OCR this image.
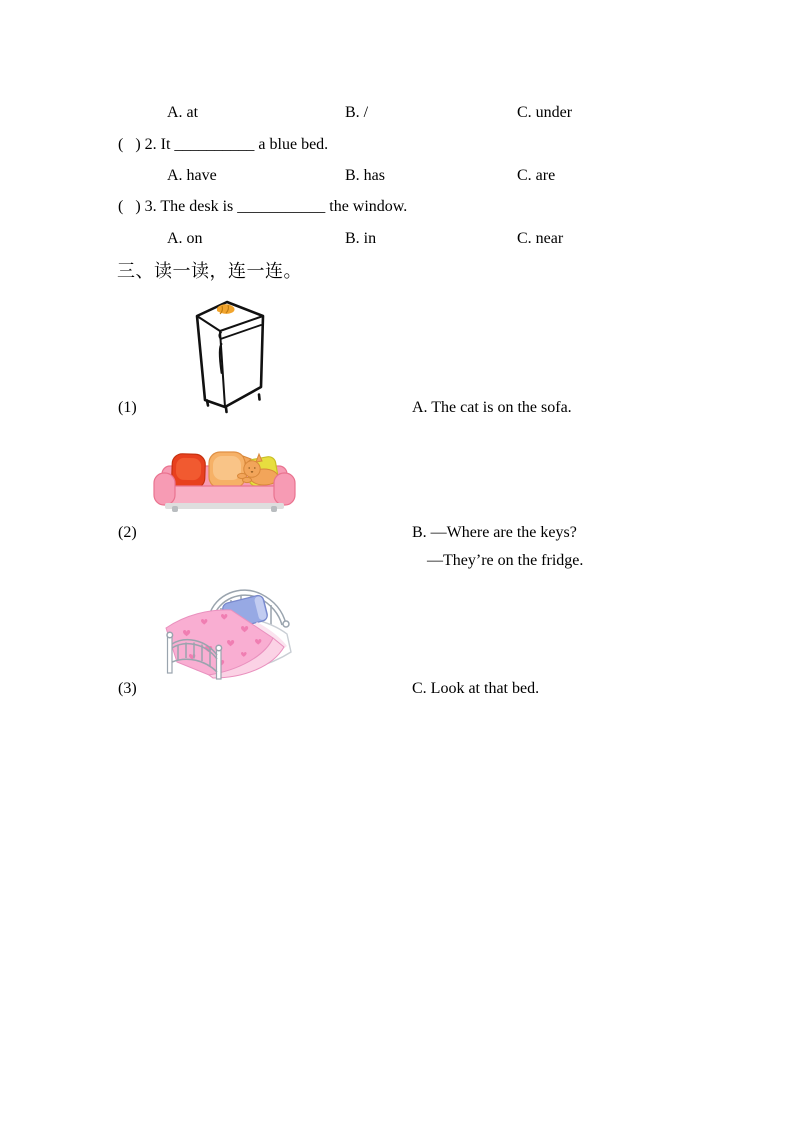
A. at	B. /	C. under
(   ) 2. It __________ a blue bed.
A. have	B. has	C. are
(   ) 3. The desk is ___________ the window.
A. on	B. in	C. near
三、读一读，连一连。
(1)	A. The cat is on the sofa.
(2)	B. —Where are the keys?
—They’re on the fridge.
(3)	C. Look at that bed.
